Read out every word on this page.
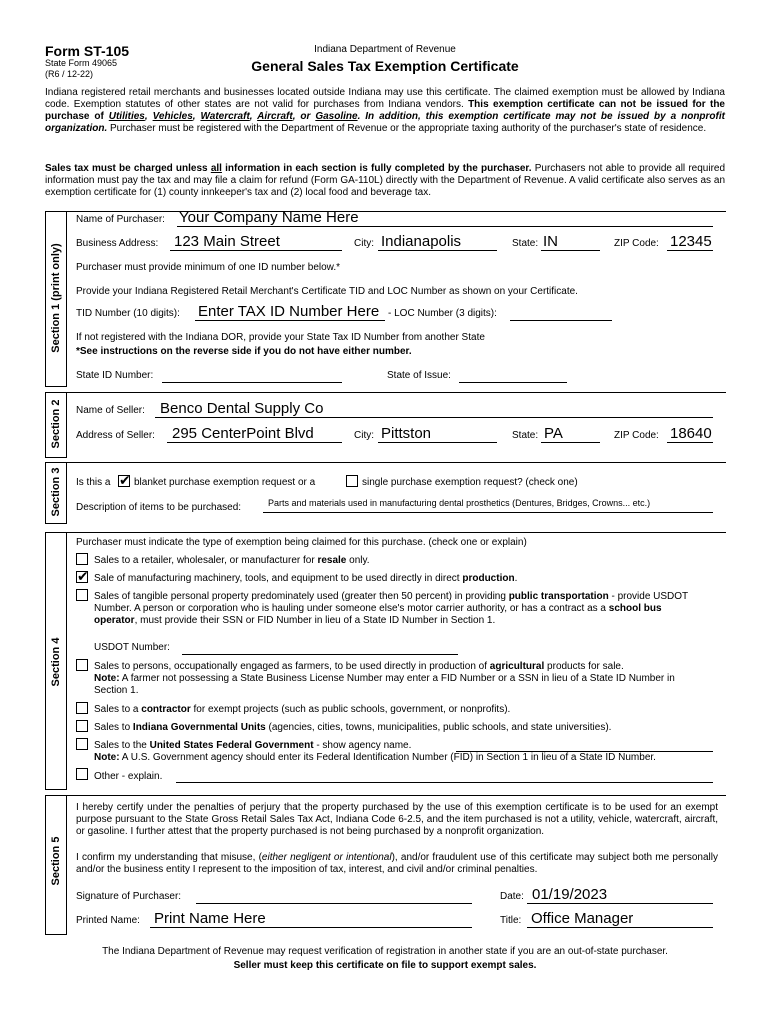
Form ST-105
State Form 49065
(R6 / 12-22)
Indiana Department of Revenue
General Sales Tax Exemption Certificate
Indiana registered retail merchants and businesses located outside Indiana may use this certificate. The claimed exemption must be allowed by Indiana code. Exemption statutes of other states are not valid for purchases from Indiana vendors. This exemption certificate can not be issued for the purchase of Utilities, Vehicles, Watercraft, Aircraft, or Gasoline. In addition, this exemption certificate may not be issued by a nonprofit organization. Purchaser must be registered with the Department of Revenue or the appropriate taxing authority of the purchaser's state of residence.
Sales tax must be charged unless all information in each section is fully completed by the purchaser. Purchasers not able to provide all required information must pay the tax and may file a claim for refund (Form GA-110L) directly with the Department of Revenue. A valid certificate also serves as an exemption certificate for (1) county innkeeper's tax and (2) local food and beverage tax.
Section 1 (print only)
Name of Purchaser: Your Company Name Here
Business Address: 123 Main Street	City: Indianapolis	State: IN	ZIP Code: 12345
Purchaser must provide minimum of one ID number below.*
Provide your Indiana Registered Retail Merchant's Certificate TID and LOC Number as shown on your Certificate.
TID Number (10 digits): Enter TAX ID Number Here - LOC Number (3 digits):
If not registered with the Indiana DOR, provide your State Tax ID Number from another State
*See instructions on the reverse side if you do not have either number.
State ID Number:	State of Issue:
Section 2 Name of Seller: Benco Dental Supply Co
Address of Seller: 295 CenterPoint Blvd	City: Pittston	State: PA	ZIP Code: 18640
Section 3 Is this a ✔ blanket purchase exemption request or a	single purchase exemption request? (check one)
Description of items to be purchased:	Parts and materials used in manufacturing dental prosthetics (Dentures, Bridges, Crowns... etc.)
Section 4
Purchaser must indicate the type of exemption being claimed for this purchase. (check one or explain)
Sales to a retailer, wholesaler, or manufacturer for resale only.
✔ Sale of manufacturing machinery, tools, and equipment to be used directly in direct production.
Sales of tangible personal property predominately used (greater then 50 percent) in providing public transportation - provide USDOT Number. A person or corporation who is hauling under someone else's motor carrier authority, or has a contract as a school bus operator, must provide their SSN or FID Number in lieu of a State ID Number in Section 1.
USDOT Number:
Sales to persons, occupationally engaged as farmers, to be used directly in production of agricultural products for sale.
Note: A farmer not possessing a State Business License Number may enter a FID Number or a SSN in lieu of a State ID Number in Section 1.
Sales to a contractor for exempt projects (such as public schools, government, or nonprofits).
Sales to Indiana Governmental Units (agencies, cities, towns, municipalities, public schools, and state universities).
Sales to the United States Federal Government - show agency name.
Note: A U.S. Government agency should enter its Federal Identification Number (FID) in Section 1 in lieu of a State ID Number.
Other - explain.
Section 5
I hereby certify under the penalties of perjury that the property purchased by the use of this exemption certificate is to be used for an exempt purpose pursuant to the State Gross Retail Sales Tax Act, Indiana Code 6-2.5, and the item purchased is not a utility, vehicle, watercraft, aircraft, or gasoline. I further attest that the property purchased is not being purchased by a nonprofit organization.
I confirm my understanding that misuse, (either negligent or intentional), and/or fraudulent use of this certificate may subject both me personally and/or the business entity I represent to the imposition of tax, interest, and civil and/or criminal penalties.
Signature of Purchaser:	Date: 01/19/2023
Printed Name: Print Name Here	Title: Office Manager
The Indiana Department of Revenue may request verification of registration in another state if you are an out-of-state purchaser.
Seller must keep this certificate on file to support exempt sales.
